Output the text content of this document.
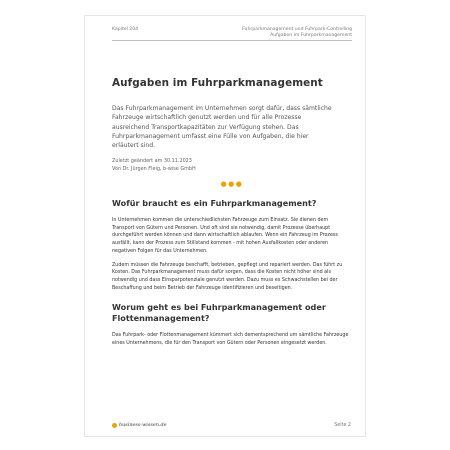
Kapitel 204	Fuhrparkmanagement und Fuhrpark-Controlling
Aufgaben im Fuhrparkmanagement
Aufgaben im Fuhrparkmanagement

Das Fuhrparkmanagement im Unternehmen sorgt dafür, dass sämtliche Fahrzeuge wirtschaftlich genutzt werden und für alle Prozesse ausreichend Transportkapazitäten zur Verfügung stehen. Das Fuhrparkmanagement umfasst eine Fülle von Aufgaben, die hier erläutert sind.

Zuletzt geändert am 30.11.2023
Von Dr. Jürgen Fleig, b-wise GmbH
●●●
Wofür braucht es ein Fuhrparkmanagement?

In Unternehmen kommen die unterschiedlichsten Fahrzeuge zum Einsatz. Sie dienen dem Transport von Gütern und Personen. Und oft sind sie notwendig, damit Prozesse überhaupt durchgeführt werden können und dann wirtschaftlich ablaufen. Wenn ein Fahrzeug im Prozess ausfällt, kann der Prozess zum Stillstand kommen - mit hohen Ausfallkosten oder anderen negativen Folgen für das Unternehmen.

Zudem müssen die Fahrzeuge beschafft, betrieben, gepflegt und repariert werden. Das führt zu Kosten. Das Fuhrparkmanagement muss dafür sorgen, dass die Kosten nicht höher sind als notwendig und dass Einsparpotenziale genutzt werden. Dazu muss es Schwachstellen bei der Beschaffung und beim Betrieb der Fahrzeuge identifizieren und beseitigen.

Worum geht es bei Fuhrparkmanagement oder Flottenmanagement?

Das Fuhrpark- oder Flottenmanagement kümmert sich dementsprechend um sämtliche Fahrzeuge eines Unternehmens, die für den Transport von Gütern oder Personen eingesetzt werden.

business-wissen.de	Seite 2
